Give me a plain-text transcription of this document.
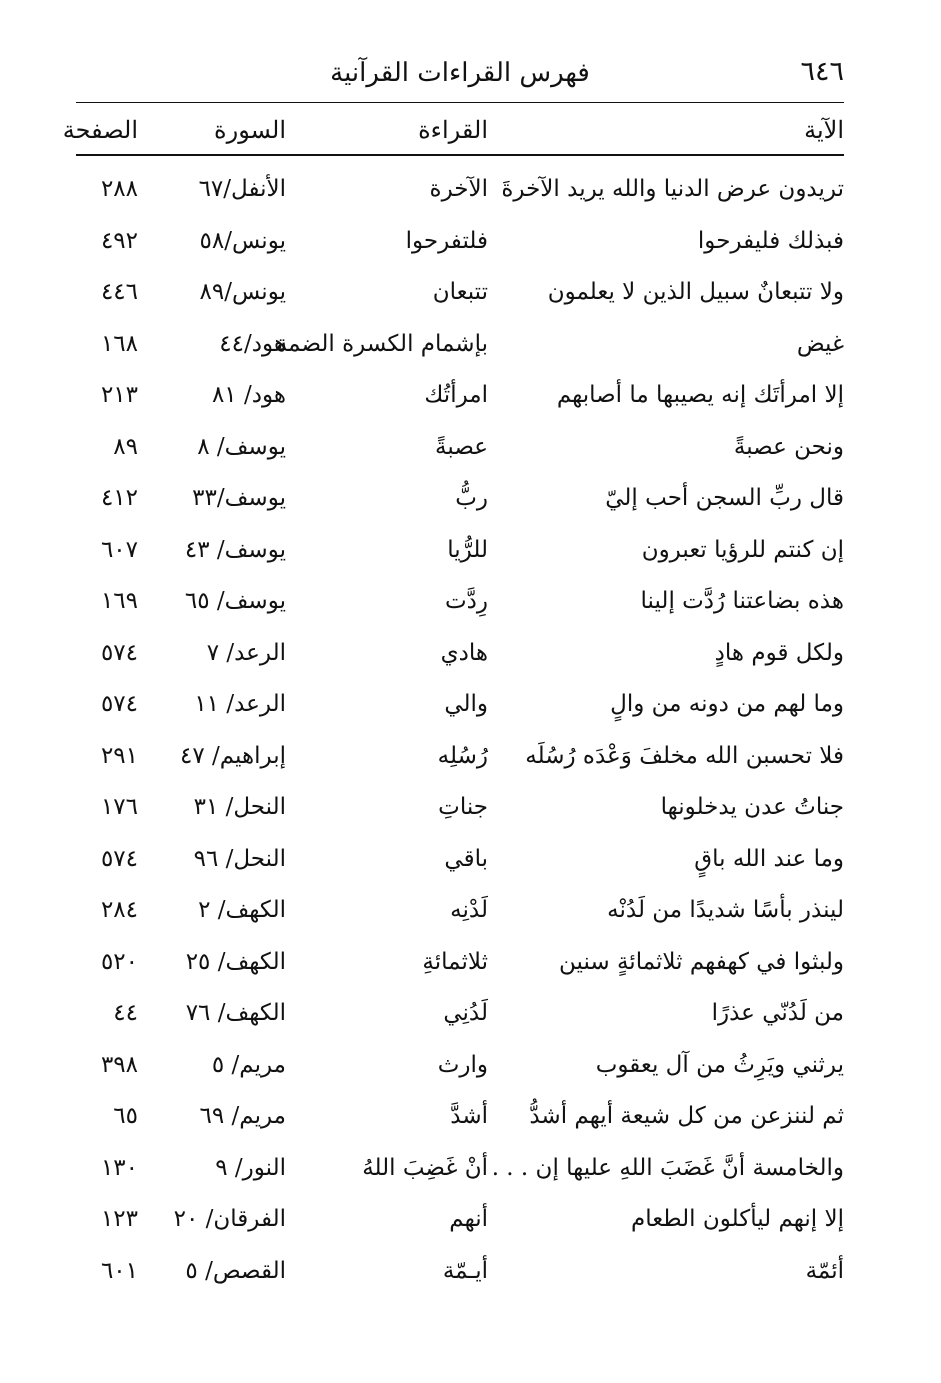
٦٤٦
فهرس القراءات القرآنية
الآية
القراءة
السورة
الصفحة
تريدون عرض الدنيا والله يريد الآخرةَ
الآخرة
الأنفل/٦٧
٢٨٨
فبذلك فليفرحوا
فلتفرحوا
يونس/٥٨
٤٩٢
ولا تتبعانٌ سبيل الذين لا يعلمون
تتبعان
يونس/٨٩
٤٤٦
غيض
بإشمام الكسرة الضمة
هود/٤٤
١٦٨
إلا امرأتَك إنه يصيبها ما أصابهم
امرأتُك
هود/ ٨١
٢١٣
ونحن عصبةً
عصبةً
يوسف/ ٨
٨٩
قال ربِّ السجن أحب إليّ
ربُّ
يوسف/٣٣
٤١٢
إن كنتم للرؤيا تعبرون
للرُّيا
يوسف/ ٤٣
٦٠٧
هذه بضاعتنا رُدَّت إلينا
رِدَّت
يوسف/ ٦٥
١٦٩
ولكل قوم هادٍ
هادي
الرعد/ ٧
٥٧٤
وما لهم من دونه من والٍ
والي
الرعد/ ١١
٥٧٤
فلا تحسبن الله مخلفَ وَعْدَه رُسُلَه
رُسُلِه
إبراهيم/ ٤٧
٢٩١
جناتُ عدن يدخلونها
جناتِ
النحل/ ٣١
١٧٦
وما عند الله باقٍ
باقي
النحل/ ٩٦
٥٧٤
لينذر بأسًا شديدًا من لَدُنْه
لَدْنِه
الكهف/ ٢
٢٨٤
ولبثوا في كهفهم ثلاثمائةٍ سنين
ثلاثمائةِ
الكهف/ ٢٥
٥٢٠
من لَدُنّي عذرًا
لَدُنِي
الكهف/ ٧٦
٤٤
يرثني ويَرِثُ من آل يعقوب
وارث
مريم/ ٥
٣٩٨
ثم لننزعن من كل شيعة أيهم أشدُّ
أشدَّ
مريم/ ٦٩
٦٥
والخامسة أنَّ غَضَبَ اللهِ عليها إن . . .
أنْ غَضِبَ اللهُ
النور/ ٩
١٣٠
إلا إنهم ليأكلون الطعام
أنهم
الفرقان/ ٢٠
١٢٣
أئمّة
أيـمّة
القصص/ ٥
٦٠١
